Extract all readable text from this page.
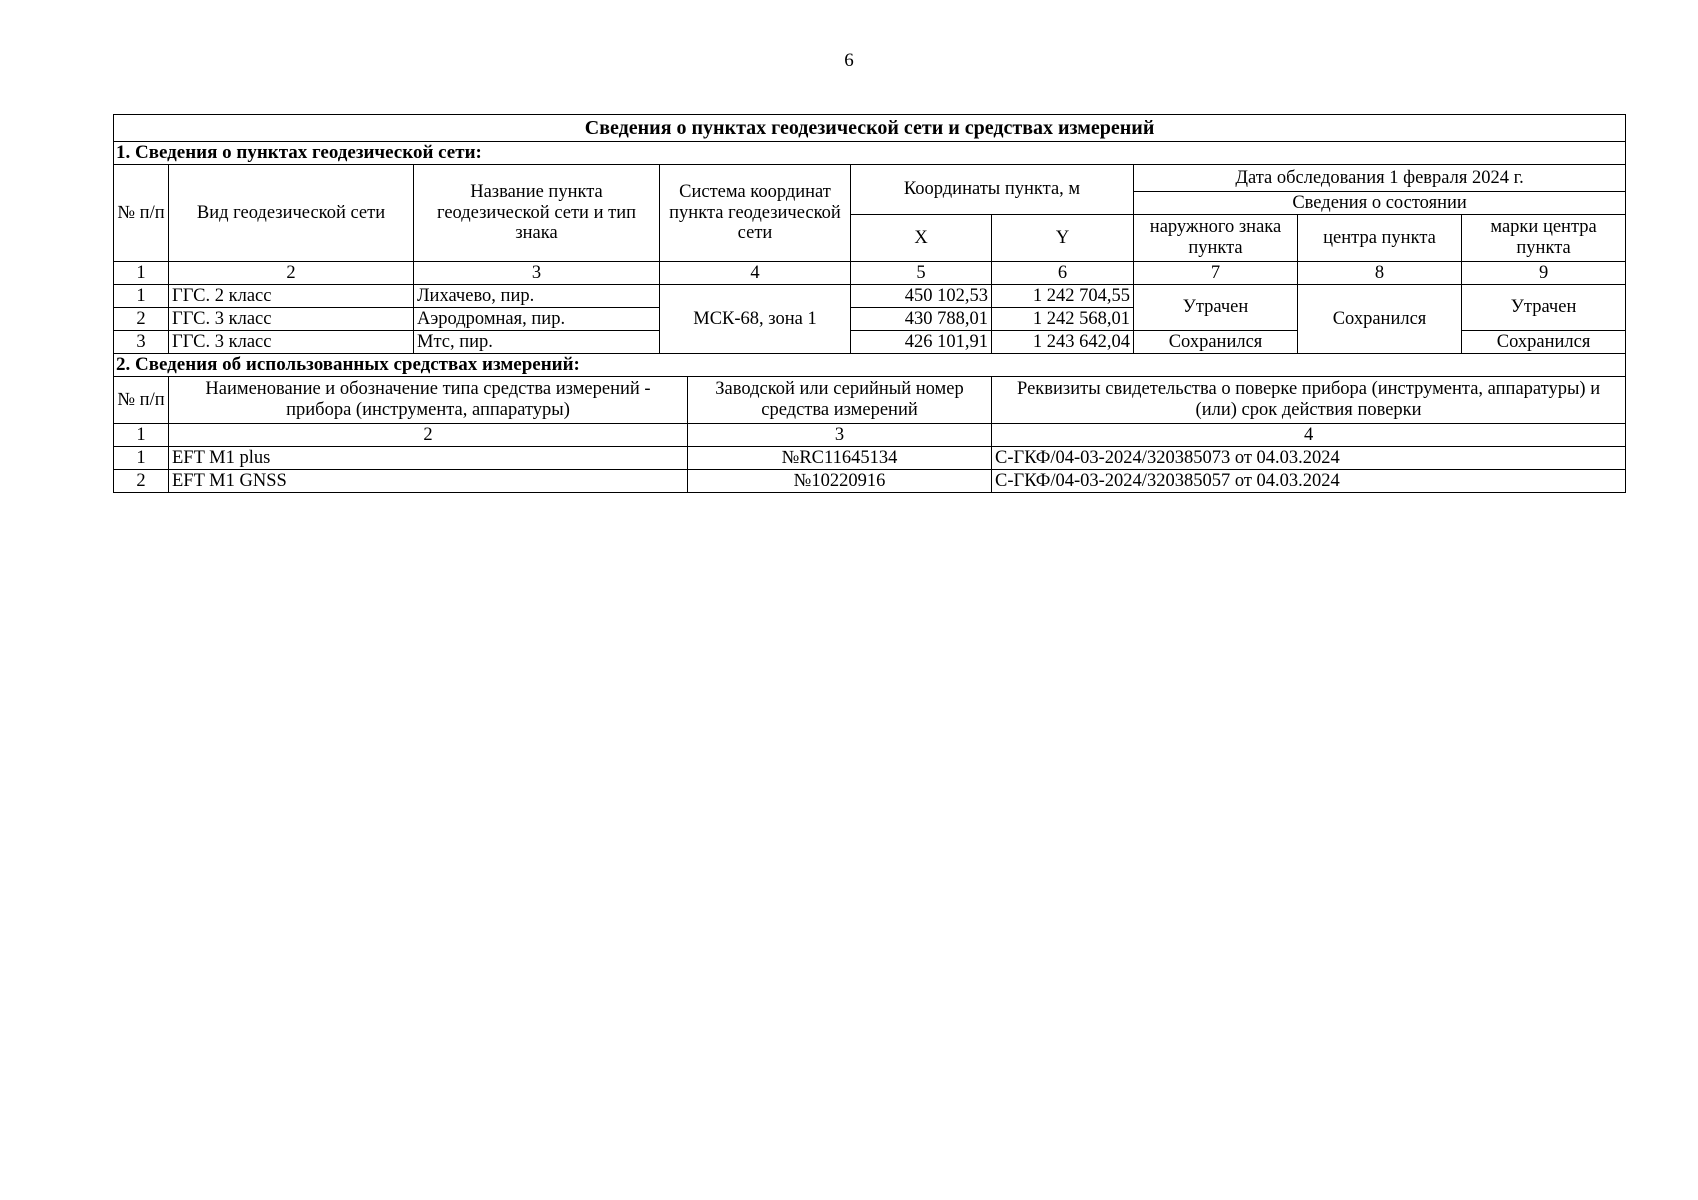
6
Сведения о пунктах геодезической сети и средствах измерений									
1. Сведения о пунктах геодезической сети:									
№ п/п	Вид геодезической сети	Название пункта геодезической сети и тип знака	Система координат пункта геодезической сети		Координаты пункта, м		Дата обследования 1 февраля 2024 г.		
							Сведения о состоянии		
					X	Y	наружного знака пункта	центра пункта	марки центра пункта
1	2	3	4		5	6	7	8	9
1	ГГС. 2 класс	Лихачево, пир.	МСК-68, зона 1		450 102,53	1 242 704,55	Утрачен	Сохранился	Утрачен
2	ГГС. 3 класс	Аэродромная, пир.			430 788,01	1 242 568,01			
3	ГГС. 3 класс	Мтс, пир.			426 101,91	1 243 642,04	Сохранился		Сохранился
2. Сведения об использованных средствах измерений:									
№ п/п	Наименование и обозначение типа средства измерений - прибора (инструмента, аппаратуры)			Заводской или серийный номер средства измерений		Реквизиты свидетельства о поверке прибора (инструмента, аппаратуры) и (или) срок действия поверки			
1	2			3		4			
1	EFT M1 plus			№RC11645134		С-ГКФ/04-03-2024/320385073 от 04.03.2024			
2	EFT M1 GNSS			№10220916		С-ГКФ/04-03-2024/320385057 от 04.03.2024			
